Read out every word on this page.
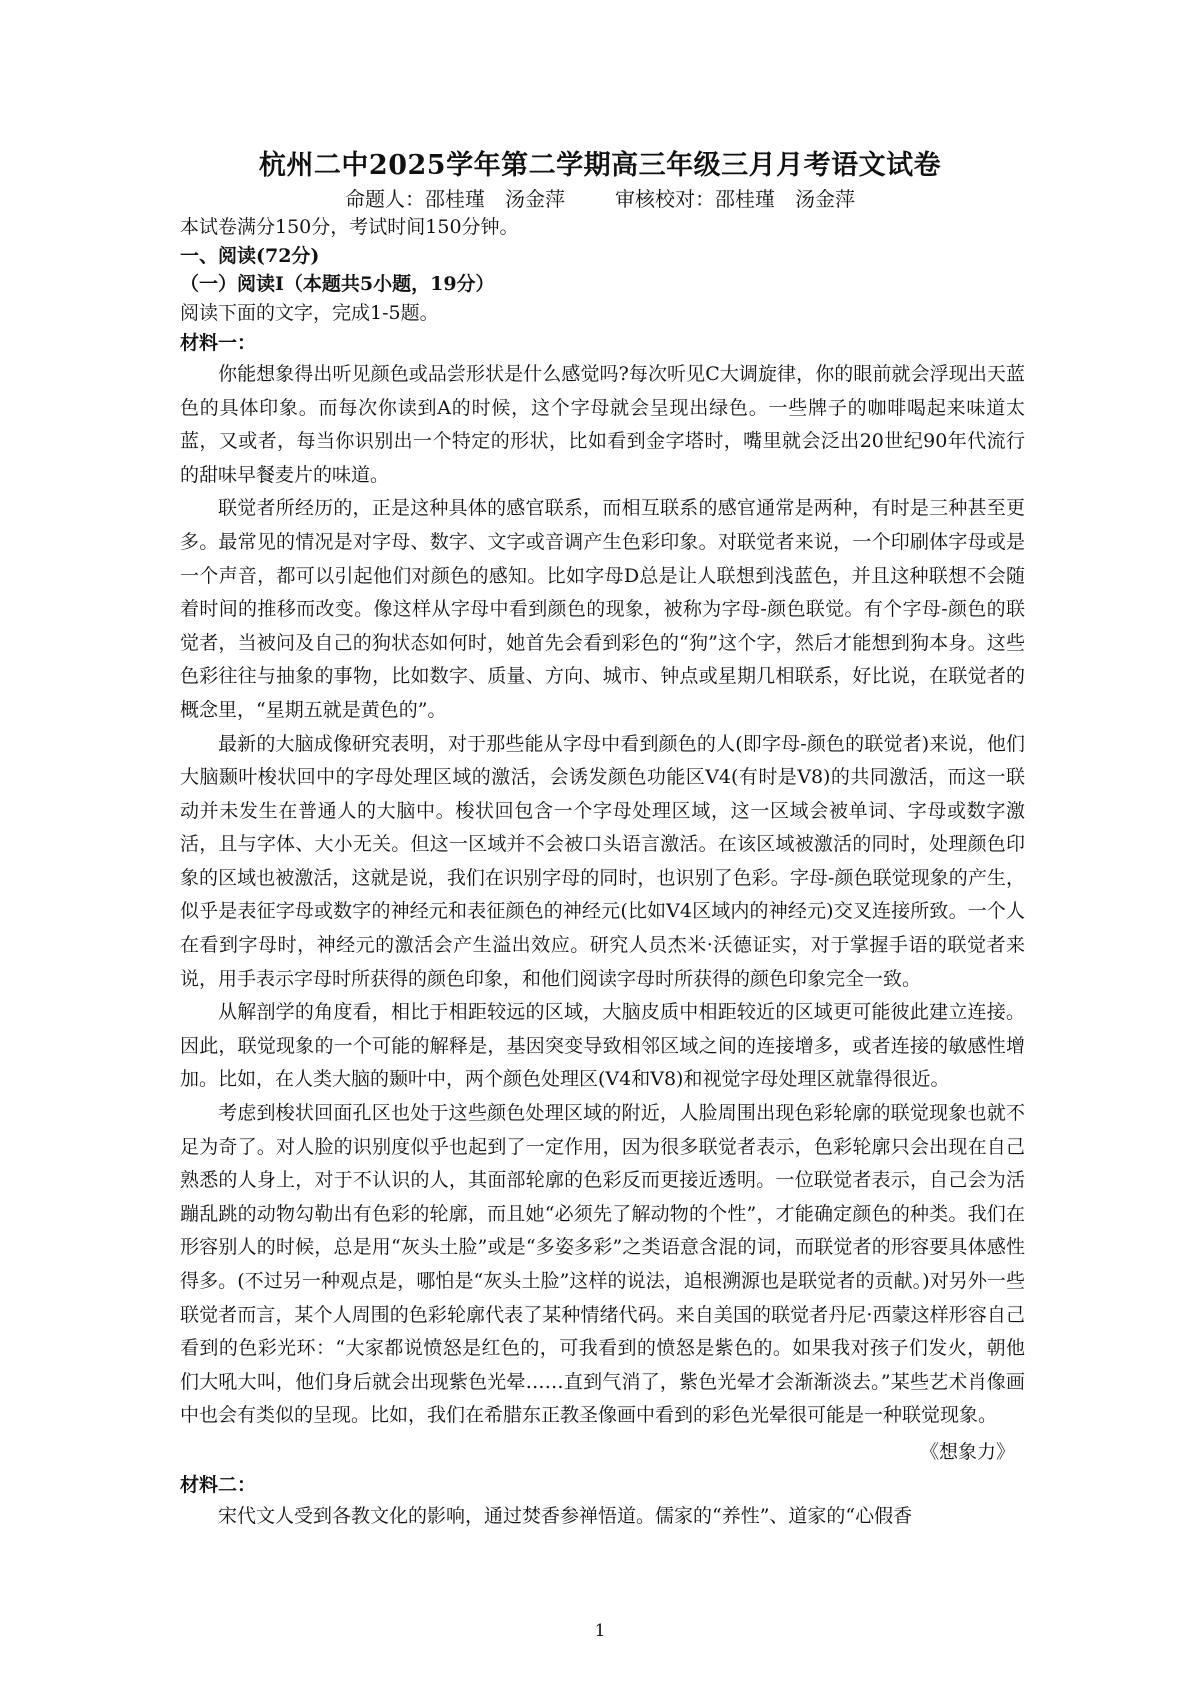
杭州二中2025学年第二学期高三年级三月月考语文试卷
命题人：邵桂瑾　汤金萍	审核校对：邵桂瑾　汤金萍
本试卷满分150分，考试时间150分钟。
一、阅读(72分)
（一）阅读Ⅰ（本题共5小题，19分）
阅读下面的文字，完成1-5题。
材料一：

你能想象得出听见颜色或品尝形状是什么感觉吗?每次听见C大调旋律，你的眼前就会浮现出天蓝色的具体印象。而每次你读到A的时候，这个字母就会呈现出绿色。一些牌子的咖啡喝起来味道太蓝，又或者，每当你识别出一个特定的形状，比如看到金字塔时，嘴里就会泛出20世纪90年代流行的甜味早餐麦片的味道。

联觉者所经历的，正是这种具体的感官联系，而相互联系的感官通常是两种，有时是三种甚至更多。最常见的情况是对字母、数字、文字或音调产生色彩印象。对联觉者来说，一个印刷体字母或是一个声音，都可以引起他们对颜色的感知。比如字母D总是让人联想到浅蓝色，并且这种联想不会随着时间的推移而改变。像这样从字母中看到颜色的现象，被称为字母-颜色联觉。有个字母-颜色的联觉者，当被问及自己的狗状态如何时，她首先会看到彩色的“狗”这个字，然后才能想到狗本身。这些色彩往往与抽象的事物，比如数字、质量、方向、城市、钟点或星期几相联系，好比说，在联觉者的概念里，“星期五就是黄色的”。

最新的大脑成像研究表明，对于那些能从字母中看到颜色的人(即字母-颜色的联觉者)来说，他们大脑颞叶梭状回中的字母处理区域的激活，会诱发颜色功能区V4(有时是V8)的共同激活，而这一联动并未发生在普通人的大脑中。梭状回包含一个字母处理区域，这一区域会被单词、字母或数字激活，且与字体、大小无关。但这一区域并不会被口头语言激活。在该区域被激活的同时，处理颜色印象的区域也被激活，这就是说，我们在识别字母的同时，也识别了色彩。字母-颜色联觉现象的产生，似乎是表征字母或数字的神经元和表征颜色的神经元(比如V4区域内的神经元)交叉连接所致。一个人在看到字母时，神经元的激活会产生溢出效应。研究人员杰米·沃德证实，对于掌握手语的联觉者来说，用手表示字母时所获得的颜色印象，和他们阅读字母时所获得的颜色印象完全一致。

从解剖学的角度看，相比于相距较远的区域，大脑皮质中相距较近的区域更可能彼此建立连接。因此，联觉现象的一个可能的解释是，基因突变导致相邻区域之间的连接增多，或者连接的敏感性增加。比如，在人类大脑的颞叶中，两个颜色处理区(V4和V8)和视觉字母处理区就靠得很近。

考虑到梭状回面孔区也处于这些颜色处理区域的附近，人脸周围出现色彩轮廓的联觉现象也就不足为奇了。对人脸的识别度似乎也起到了一定作用，因为很多联觉者表示，色彩轮廓只会出现在自己熟悉的人身上，对于不认识的人，其面部轮廓的色彩反而更接近透明。一位联觉者表示，自己会为活蹦乱跳的动物勾勒出有色彩的轮廓，而且她“必须先了解动物的个性”，才能确定颜色的种类。我们在形容别人的时候，总是用“灰头土脸”或是“多姿多彩”之类语意含混的词，而联觉者的形容要具体感性得多。(不过另一种观点是，哪怕是“灰头土脸”这样的说法，追根溯源也是联觉者的贡献。)对另外一些联觉者而言，某个人周围的色彩轮廓代表了某种情绪代码。来自美国的联觉者丹尼·西蒙这样形容自己看到的色彩光环：“大家都说愤怒是红色的，可我看到的愤怒是紫色的。如果我对孩子们发火，朝他们大吼大叫，他们身后就会出现紫色光晕……直到气消了，紫色光晕才会渐渐淡去。”某些艺术肖像画中也会有类似的呈现。比如，我们在希腊东正教圣像画中看到的彩色光晕很可能是一种联觉现象。

《想象力》

材料二：

宋代文人受到各教文化的影响，通过焚香参禅悟道。儒家的“养性”、道家的“心假香

1
